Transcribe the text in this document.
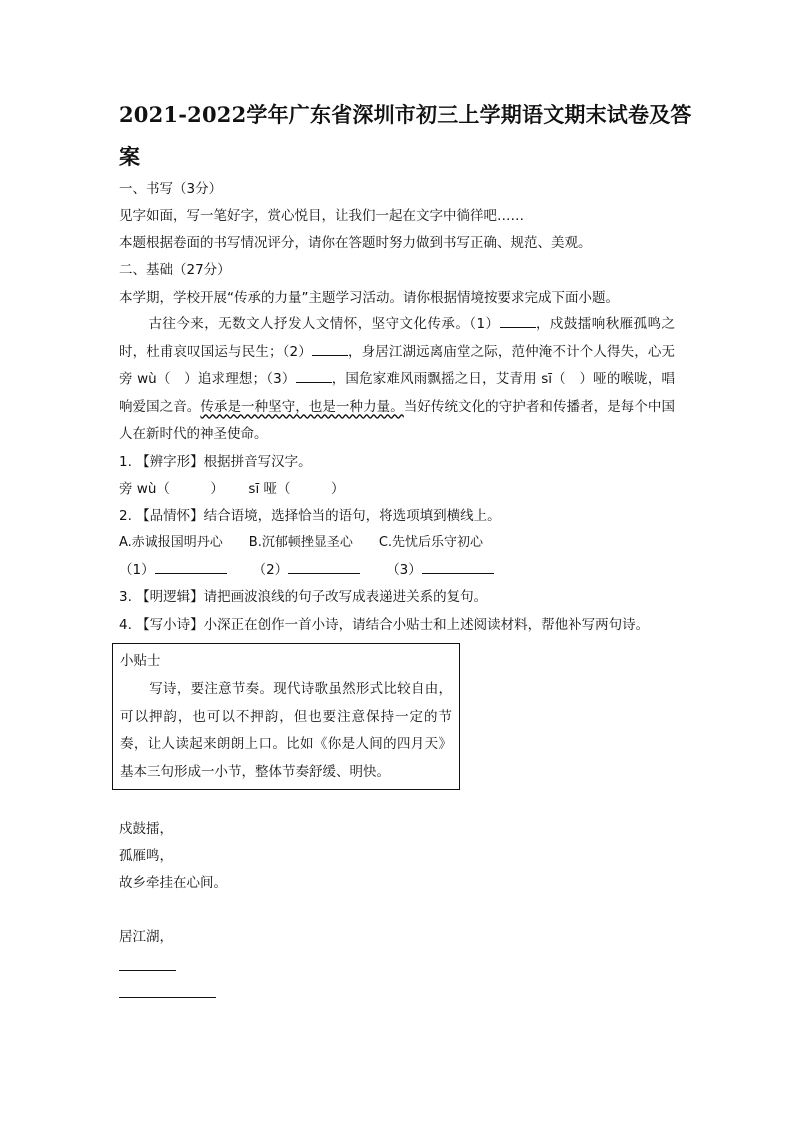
2021-2022学年广东省深圳市初三上学期语文期末试卷及答案
一、书写（3分）
见字如面，写一笔好字，赏心悦目，让我们一起在文字中徜徉吧……
本题根据卷面的书写情况评分，请你在答题时努力做到书写正确、规范、美观。
二、基础（27分）
本学期，学校开展“传承的力量”主题学习活动。请你根据情境按要求完成下面小题。
古往今来，无数文人抒发人文情怀，坚守文化传承。（1）	，戍鼓擂响秋雁孤鸣之时，杜甫哀叹国运与民生；（2）	，身居江湖远离庙堂之际，范仲淹不计个人得失，心无旁 wù（　）追求理想；（3）	，国危家难风雨飘摇之日，艾青用 sī（　）哑的喉咙，唱响爱国之音。传承是一种坚守，也是一种力量。当好传统文化的守护者和传播者，是每个中国人在新时代的神圣使命。
1. 【辨字形】根据拼音写汉字。
旁 wù（　　　）　　 sī 哑（　　　）
2. 【品情怀】结合语境，选择恰当的语句，将选项填到横线上。
A.赤诚报国明丹心　　B.沉郁顿挫显圣心　　C.先忧后乐守初心
（1）	（2）	（3）
3. 【明逻辑】请把画波浪线的句子改写成表递进关系的复句。
4. 【写小诗】小深正在创作一首小诗，请结合小贴士和上述阅读材料，帮他补写两句诗。
小贴士
写诗，要注意节奏。现代诗歌虽然形式比较自由，可以押韵，也可以不押韵，但也要注意保持一定的节奏，让人读起来朗朗上口。比如《你是人间的四月天》基本三句形成一小节，整体节奏舒缓、明快。
戍鼓擂，
孤雁鸣，
故乡牵挂在心间。
居江湖，
